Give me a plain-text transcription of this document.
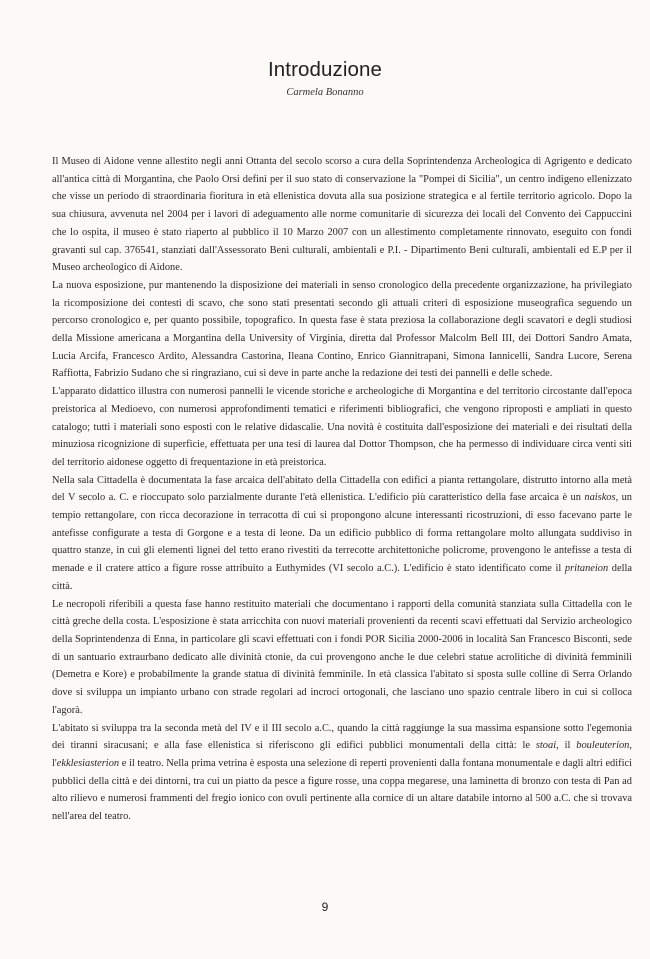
Introduzione
Carmela Bonanno

Il Museo di Aidone venne allestito negli anni Ottanta del secolo scorso a cura della Soprintendenza Archeologica di Agrigento e dedicato all'antica città di Morgantina, che Paolo Orsi definì per il suo stato di conservazione la "Pompei di Sicilia", un centro indigeno ellenizzato che visse un periodo di straordinaria fioritura in età ellenistica dovuta alla sua posizione strategica e al fertile territorio agricolo. Dopo la sua chiusura, avvenuta nel 2004 per i lavori di adeguamento alle norme comunitarie di sicurezza dei locali del Convento dei Cappuccini che lo ospita, il museo è stato riaperto al pubblico il 10 Marzo 2007 con un allestimento completamente rinnovato, eseguito con fondi gravanti sul cap. 376541, stanziati dall'Assessorato Beni culturali, ambientali e P.I. - Dipartimento Beni culturali, ambientali ed E.P per il Museo archeologico di Aidone.

La nuova esposizione, pur mantenendo la disposizione dei materiali in senso cronologico della precedente organizzazione, ha privilegiato la ricomposizione dei contesti di scavo, che sono stati presentati secondo gli attuali criteri di esposizione museografica seguendo un percorso cronologico e, per quanto possibile, topografico. In questa fase è stata preziosa la collaborazione degli scavatori e degli studiosi della Missione americana a Morgantina della University of Virginia, diretta dal Professor Malcolm Bell III, dei Dottori Sandro Amata, Lucia Arcifa, Francesco Ardito, Alessandra Castorina, Ileana Contino, Enrico Giannitrapani, Simona Iannicelli, Sandra Lucore, Serena Raffiotta, Fabrizio Sudano che si ringraziano, cui si deve in parte anche la redazione dei testi dei pannelli e delle schede.

L'apparato didattico illustra con numerosi pannelli le vicende storiche e archeologiche di Morgantina e del territorio circostante dall'epoca preistorica al Medioevo, con numerosi approfondimenti tematici e riferimenti bibliografici, che vengono riproposti e ampliati in questo catalogo; tutti i materiali sono esposti con le relative didascalie. Una novità è costituita dall'esposizione dei materiali e dei risultati della minuziosa ricognizione di superficie, effettuata per una tesi di laurea dal Dottor Thompson, che ha permesso di individuare circa venti siti del territorio aidonese oggetto di frequentazione in età preistorica.

Nella sala Cittadella è documentata la fase arcaica dell'abitato della Cittadella con edifici a pianta rettangolare, distrutto intorno alla metà del V secolo a. C. e rioccupato solo parzialmente durante l'età ellenistica. L'edificio più caratteristico della fase arcaica è un naiskos, un tempio rettangolare, con ricca decorazione in terracotta di cui si propongono alcune interessanti ricostruzioni, di esso facevano parte le antefisse configurate a testa di Gorgone e a testa di leone. Da un edificio pubblico di forma rettangolare molto allungata suddiviso in quattro stanze, in cui gli elementi lignei del tetto erano rivestiti da terrecotte architettoniche policrome, provengono le antefisse a testa di menade e il cratere attico a figure rosse attribuito a Euthymides (VI secolo a.C.). L'edificio è stato identificato come il pritaneion della città.

Le necropoli riferibili a questa fase hanno restituito materiali che documentano i rapporti della comunità stanziata sulla Cittadella con le città greche della costa. L'esposizione è stata arricchita con nuovi materiali provenienti da recenti scavi effettuati dal Servizio archeologico della Soprintendenza di Enna, in particolare gli scavi effettuati con i fondi POR Sicilia 2000-2006 in località San Francesco Bisconti, sede di un santuario extraurbano dedicato alle divinità ctonie, da cui provengono anche le due celebri statue acrolitiche di divinità femminili (Demetra e Kore) e probabilmente la grande statua di divinità femminile. In età classica l'abitato si sposta sulle colline di Serra Orlando dove si sviluppa un impianto urbano con strade regolari ad incroci ortogonali, che lasciano uno spazio centrale libero in cui si colloca l'agorà.

L'abitato si sviluppa tra la seconda metà del IV e il III secolo a.C., quando la città raggiunge la sua massima espansione sotto l'egemonia dei tiranni siracusani; e alla fase ellenistica si riferiscono gli edifici pubblici monumentali della città: le stoai, il bouleuterion, l'ekklesiasterion e il teatro. Nella prima vetrina è esposta una selezione di reperti provenienti dalla fontana monumentale e dagli altri edifici pubblici della città e dei dintorni, tra cui un piatto da pesce a figure rosse, una coppa megarese, una laminetta di bronzo con testa di Pan ad alto rilievo e numerosi frammenti del fregio ionico con ovuli pertinente alla cornice di un altare databile intorno al 500 a.C. che si trovava nell'area del teatro.

9
